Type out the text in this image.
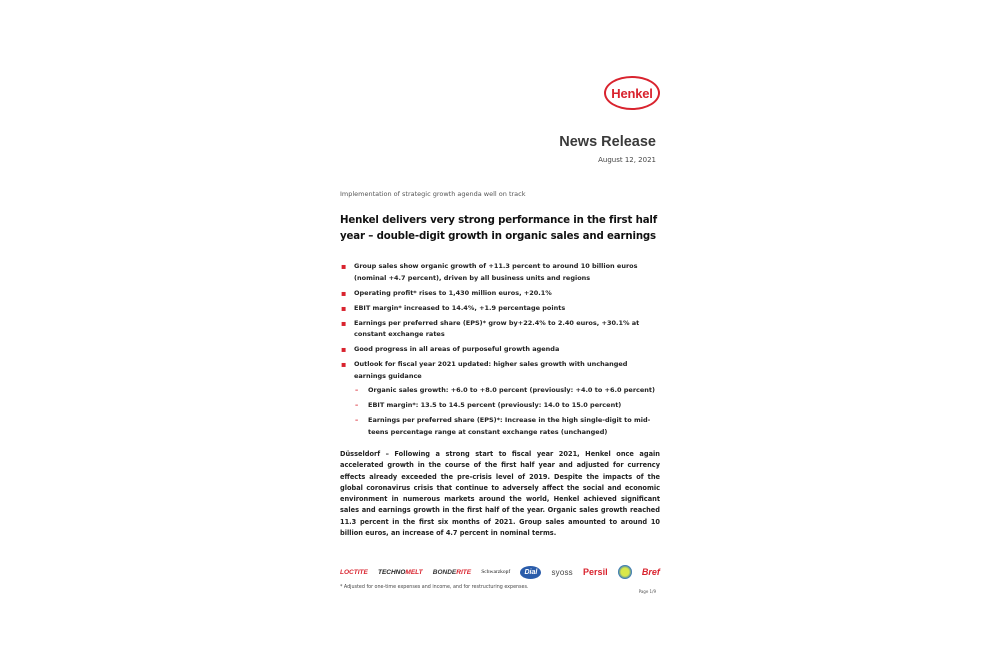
Henkel
News Release
August 12, 2021
Implementation of strategic growth agenda well on track
Henkel delivers very strong performance in the first half year – double-digit growth in organic sales and earnings
▪ Group sales show organic growth of +11.3 percent to around 10 billion euros (nominal +4.7 percent), driven by all business units and regions
▪ Operating profit* rises to 1,430 million euros, +20.1%
▪ EBIT margin* increased to 14.4%, +1.9 percentage points
▪ Earnings per preferred share (EPS)* grow by+22.4% to 2.40 euros, +30.1% at constant exchange rates
▪ Good progress in all areas of purposeful growth agenda
▪ Outlook for fiscal year 2021 updated: higher sales growth with unchanged earnings guidance
– Organic sales growth: +6.0 to +8.0 percent (previously: +4.0 to +6.0 percent)
– EBIT margin*: 13.5 to 14.5 percent (previously: 14.0 to 15.0 percent)
– Earnings per preferred share (EPS)*: Increase in the high single-digit to mid-teens percentage range at constant exchange rates (unchanged)
Düsseldorf – Following a strong start to fiscal year 2021, Henkel once again accelerated growth in the course of the first half year and adjusted for currency effects already exceeded the pre-crisis level of 2019. Despite the impacts of the global coronavirus crisis that continue to adversely affect the social and economic environment in numerous markets around the world, Henkel achieved significant sales and earnings growth in the first half of the year. Organic sales growth reached 11.3 percent in the first six months of 2021. Group sales amounted to around 10 billion euros, an increase of 4.7 percent in nominal terms.
LOCTITE TECHNOMELT BONDERITE Schwarzkopf	Dial	syoss Persil	Bref
* Adjusted for one-time expenses and income, and for restructuring expenses.
Page 1/9
